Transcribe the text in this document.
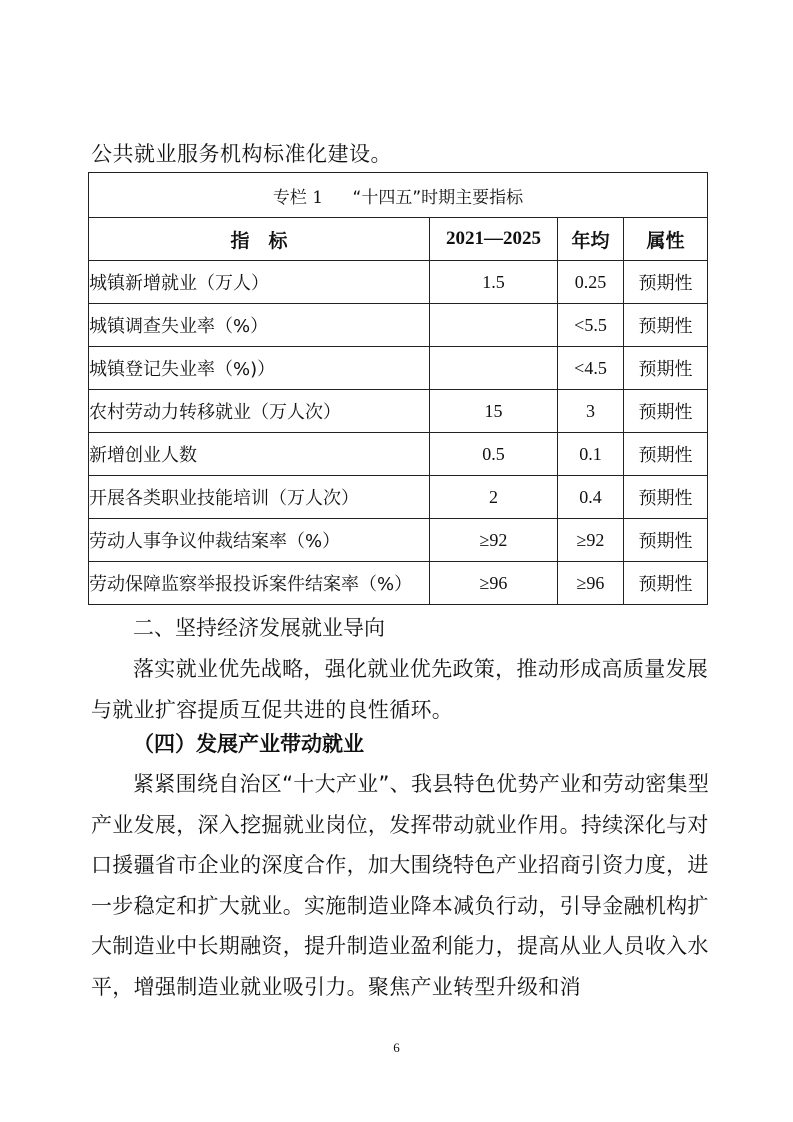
公共就业服务机构标准化建设。
专栏 1 “十四五”时期主要指标			
指　标	2021—2025	年均	属性
城镇新增就业（万人）	1.5	0.25	预期性
城镇调查失业率（%）		<5.5	预期性
城镇登记失业率（%)）		<4.5	预期性
农村劳动力转移就业（万人次）	15	3	预期性
新增创业人数	0.5	0.1	预期性
开展各类职业技能培训（万人次）	2	0.4	预期性
劳动人事争议仲裁结案率（%）	≥92	≥92	预期性
劳动保障监察举报投诉案件结案率（%）	≥96	≥96	预期性
二、坚持经济发展就业导向

落实就业优先战略，强化就业优先政策，推动形成高质量发展与就业扩容提质互促共进的良性循环。

（四）发展产业带动就业

紧紧围绕自治区“十大产业”、我县特色优势产业和劳动密集型产业发展，深入挖掘就业岗位，发挥带动就业作用。持续深化与对口援疆省市企业的深度合作，加大围绕特色产业招商引资力度，进一步稳定和扩大就业。实施制造业降本减负行动，引导金融机构扩大制造业中长期融资，提升制造业盈利能力，提高从业人员收入水平，增强制造业就业吸引力。聚焦产业转型升级和消

6
